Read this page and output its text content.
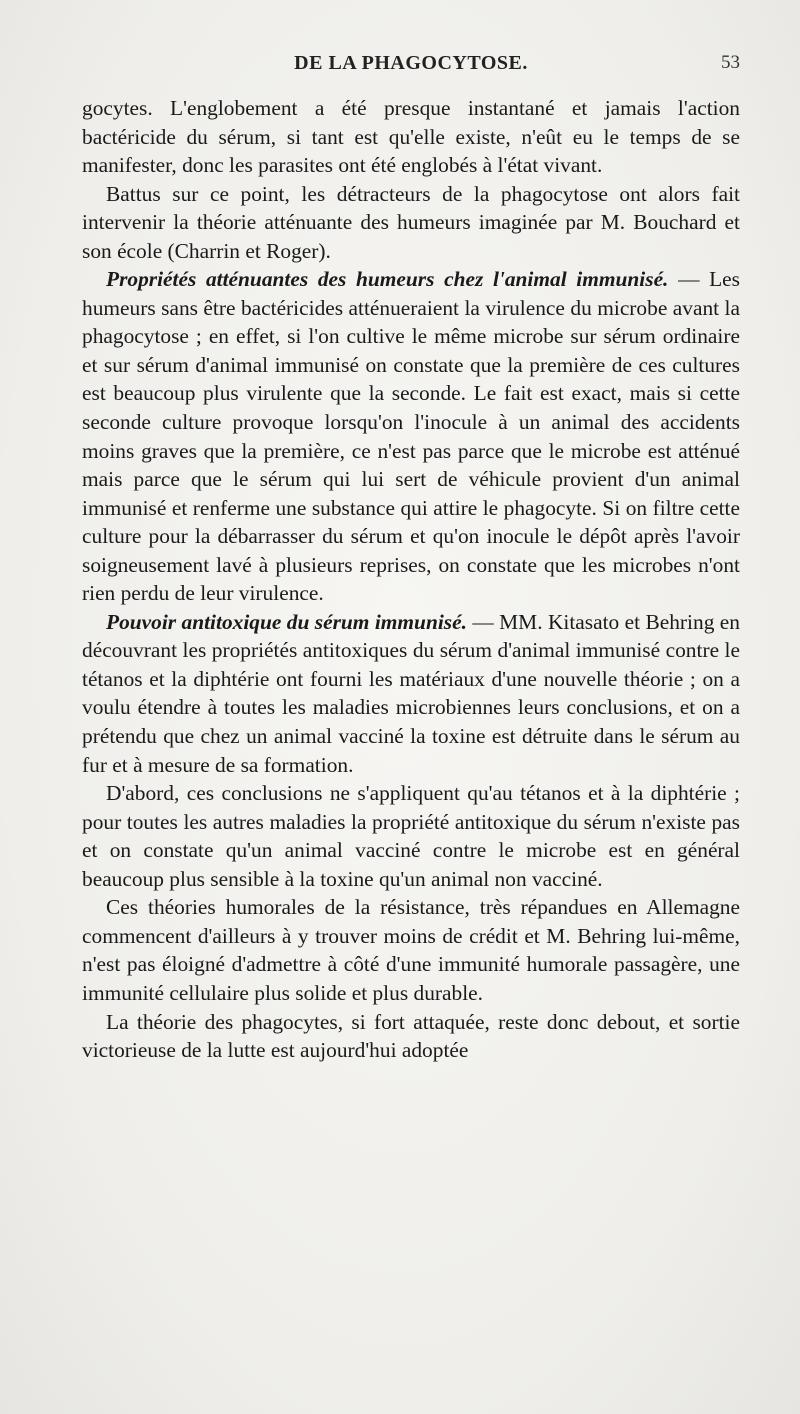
DE LA PHAGOCYTOSE.	53

gocytes. L'englobement a été presque instantané et jamais l'action bactéricide du sérum, si tant est qu'elle existe, n'eût eu le temps de se manifester, donc les parasites ont été englobés à l'état vivant.

Battus sur ce point, les détracteurs de la phagocytose ont alors fait intervenir la théorie atténuante des humeurs imaginée par M. Bouchard et son école (Charrin et Roger).

Propriétés atténuantes des humeurs chez l'animal immunisé. — Les humeurs sans être bactéricides atténueraient la virulence du microbe avant la phagocytose ; en effet, si l'on cultive le même microbe sur sérum ordinaire et sur sérum d'animal immunisé on constate que la première de ces cultures est beaucoup plus virulente que la seconde. Le fait est exact, mais si cette seconde culture provoque lorsqu'on l'inocule à un animal des accidents moins graves que la première, ce n'est pas parce que le microbe est atténué mais parce que le sérum qui lui sert de véhicule provient d'un animal immunisé et renferme une substance qui attire le phagocyte. Si on filtre cette culture pour la débarrasser du sérum et qu'on inocule le dépôt après l'avoir soigneusement lavé à plusieurs reprises, on constate que les microbes n'ont rien perdu de leur virulence.

Pouvoir antitoxique du sérum immunisé. — MM. Kitasato et Behring en découvrant les propriétés antitoxiques du sérum d'animal immunisé contre le tétanos et la diphtérie ont fourni les matériaux d'une nouvelle théorie ; on a voulu étendre à toutes les maladies microbiennes leurs conclusions, et on a prétendu que chez un animal vacciné la toxine est détruite dans le sérum au fur et à mesure de sa formation.

D'abord, ces conclusions ne s'appliquent qu'au tétanos et à la diphtérie ; pour toutes les autres maladies la propriété antitoxique du sérum n'existe pas et on constate qu'un animal vacciné contre le microbe est en général beaucoup plus sensible à la toxine qu'un animal non vacciné.

Ces théories humorales de la résistance, très répandues en Allemagne commencent d'ailleurs à y trouver moins de crédit et M. Behring lui-même, n'est pas éloigné d'admettre à côté d'une immunité humorale passagère, une immunité cellulaire plus solide et plus durable.

La théorie des phagocytes, si fort attaquée, reste donc debout, et sortie victorieuse de la lutte est aujourd'hui adoptée
